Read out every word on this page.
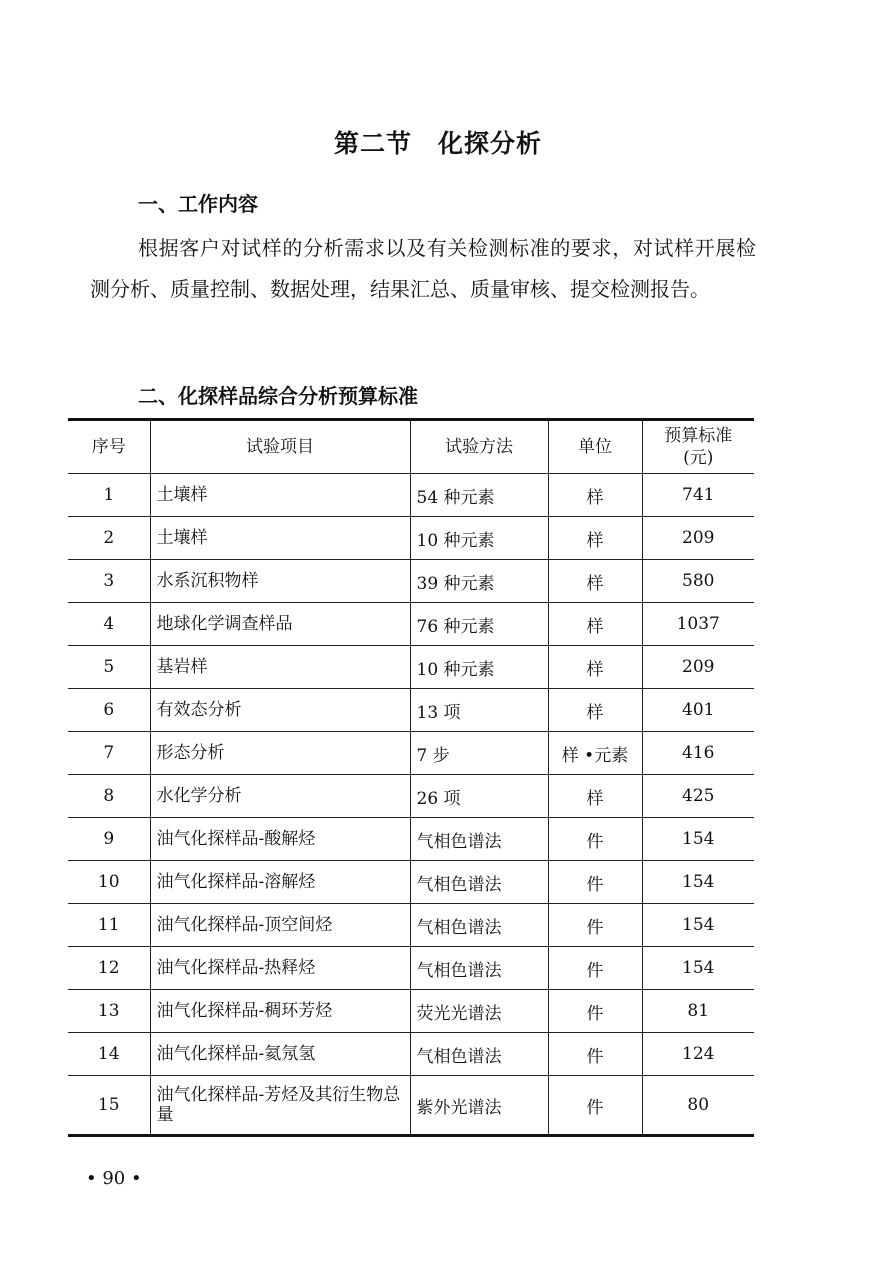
第二节　化探分析
一、工作内容
根据客户对试样的分析需求以及有关检测标准的要求，对试样开展检测分析、质量控制、数据处理，结果汇总、质量审核、提交检测报告。
二、化探样品综合分析预算标准
序号	试验项目	试验方法	单位	预算标准
(元)

1	土壤样	54 种元素	样	741
2	土壤样	10 种元素	样	209
3	水系沉积物样	39 种元素	样	580
4	地球化学调查样品	76 种元素	样	1037
5	基岩样	10 种元素	样	209
6	有效态分析	13 项	样	401
7	形态分析	7 步	样 •元素	416
8	水化学分析	26 项	样	425
9	油气化探样品-酸解烃	气相色谱法	件	154
10	油气化探样品-溶解烃	气相色谱法	件	154
11	油气化探样品-顶空间烃	气相色谱法	件	154
12	油气化探样品-热释烃	气相色谱法	件	154
13	油气化探样品-稠环芳烃	荧光光谱法	件	81
14	油气化探样品-氦氖氢	气相色谱法	件	124
15	油气化探样品-芳烃及其衍生物总量	紫外光谱法	件	80
• 90 •
